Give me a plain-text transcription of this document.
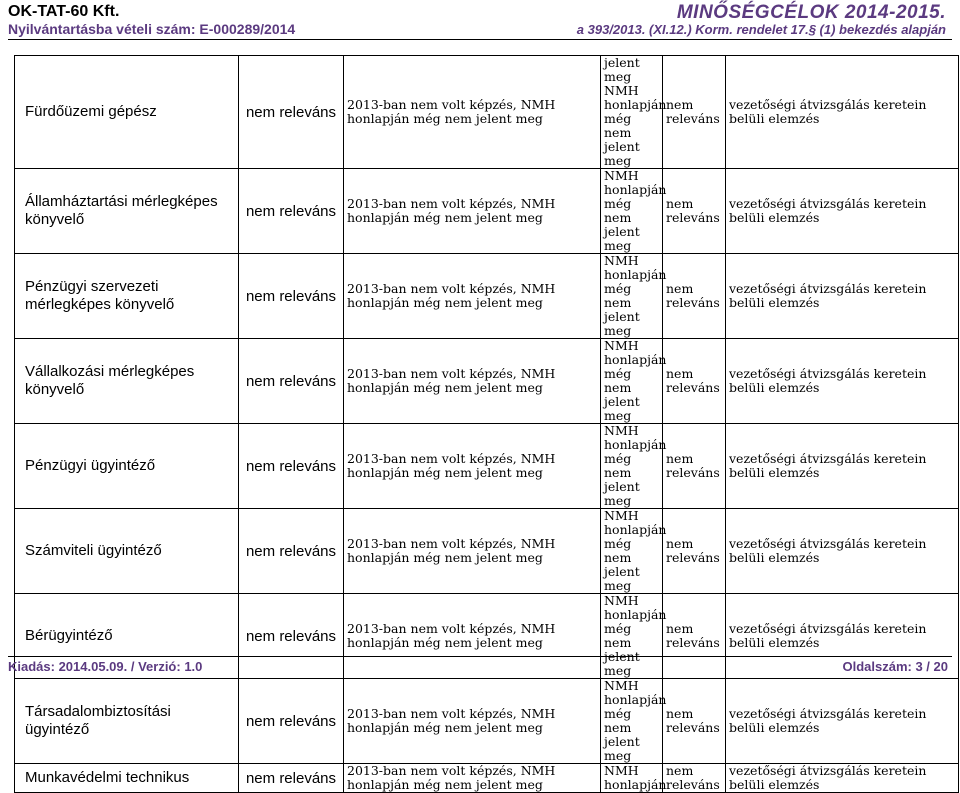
OK-TAT-60 Kft.
Nyilvántartásba vételi szám: E-000289/2014
MINŐSÉGCÉLOK 2014-2015.
a 393/2013. (XI.12.) Korm. rendelet 17.§ (1) bekezdés alapján
Fürdőüzemi gépész	nem releváns	2013-ban nem volt képzés, NMH honlapján még nem jelent meg	jelent meg NMH honlapján még nem jelent meg	nem releváns	vezetőségi átvizsgálás keretein belüli elemzés
Államháztartási mérlegképes könyvelő	nem releváns	2013-ban nem volt képzés, NMH honlapján még nem jelent meg	NMH honlapján még nem jelent meg	nem releváns	vezetőségi átvizsgálás keretein belüli elemzés
Pénzügyi szervezeti mérlegképes könyvelő	nem releváns	2013-ban nem volt képzés, NMH honlapján még nem jelent meg	NMH honlapján még nem jelent meg	nem releváns	vezetőségi átvizsgálás keretein belüli elemzés
Vállalkozási mérlegképes könyvelő	nem releváns	2013-ban nem volt képzés, NMH honlapján még nem jelent meg	NMH honlapján még nem jelent meg	nem releváns	vezetőségi átvizsgálás keretein belüli elemzés
Pénzügyi ügyintéző	nem releváns	2013-ban nem volt képzés, NMH honlapján még nem jelent meg	NMH honlapján még nem jelent meg	nem releváns	vezetőségi átvizsgálás keretein belüli elemzés
Számviteli ügyintéző	nem releváns	2013-ban nem volt képzés, NMH honlapján még nem jelent meg	NMH honlapján még nem jelent meg	nem releváns	vezetőségi átvizsgálás keretein belüli elemzés
Bérügyintéző	nem releváns	2013-ban nem volt képzés, NMH honlapján még nem jelent meg	NMH honlapján még nem jelent meg	nem releváns	vezetőségi átvizsgálás keretein belüli elemzés
Társadalombiztosítási ügyintéző	nem releváns	2013-ban nem volt képzés, NMH honlapján még nem jelent meg	NMH honlapján még nem jelent meg	nem releváns	vezetőségi átvizsgálás keretein belüli elemzés
Munkavédelmi technikus	nem releváns	2013-ban nem volt képzés, NMH honlapján még nem jelent meg	NMH honlapján	nem releváns	vezetőségi átvizsgálás keretein belüli elemzés
Kiadás: 2014.05.09. / Verzió: 1.0	Oldalszám: 3 / 20
